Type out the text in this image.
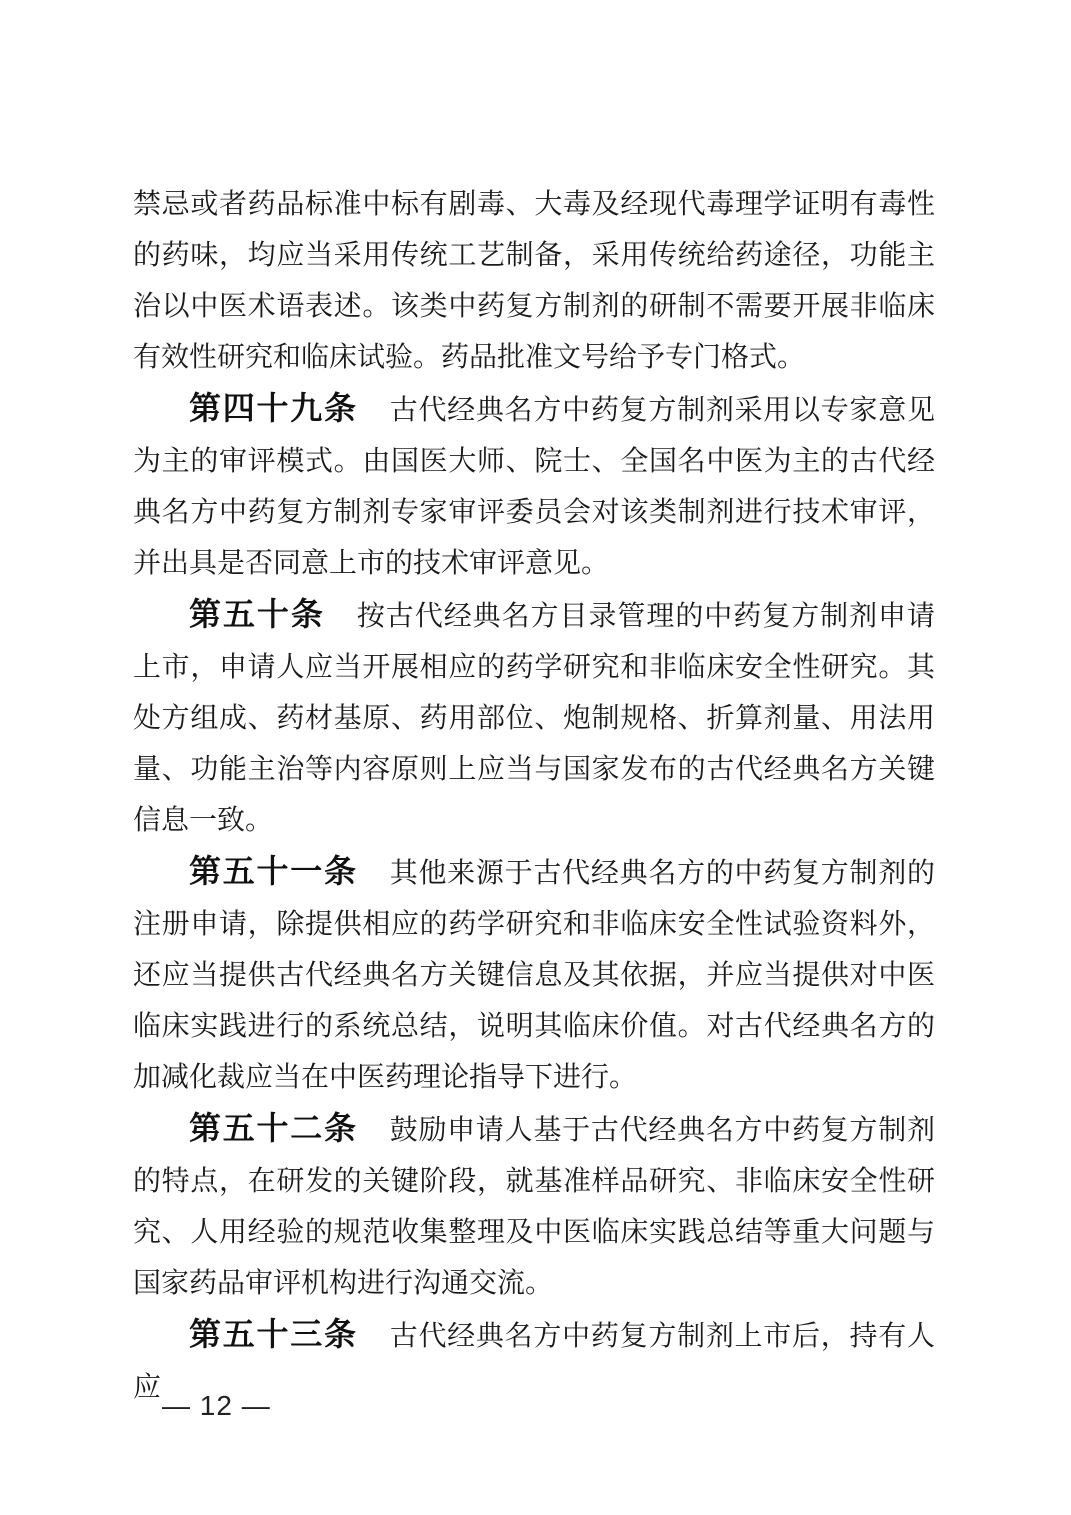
禁忌或者药品标准中标有剧毒、大毒及经现代毒理学证明有毒性的药味，均应当采用传统工艺制备，采用传统给药途径，功能主治以中医术语表述。该类中药复方制剂的研制不需要开展非临床有效性研究和临床试验。药品批准文号给予专门格式。

第四十九条 古代经典名方中药复方制剂采用以专家意见为主的审评模式。由国医大师、院士、全国名中医为主的古代经典名方中药复方制剂专家审评委员会对该类制剂进行技术审评，并出具是否同意上市的技术审评意见。

第五十条 按古代经典名方目录管理的中药复方制剂申请上市，申请人应当开展相应的药学研究和非临床安全性研究。其处方组成、药材基原、药用部位、炮制规格、折算剂量、用法用量、功能主治等内容原则上应当与国家发布的古代经典名方关键信息一致。

第五十一条 其他来源于古代经典名方的中药复方制剂的注册申请，除提供相应的药学研究和非临床安全性试验资料外，还应当提供古代经典名方关键信息及其依据，并应当提供对中医临床实践进行的系统总结，说明其临床价值。对古代经典名方的加减化裁应当在中医药理论指导下进行。

第五十二条 鼓励申请人基于古代经典名方中药复方制剂的特点，在研发的关键阶段，就基准样品研究、非临床安全性研究、人用经验的规范收集整理及中医临床实践总结等重大问题与国家药品审评机构进行沟通交流。

第五十三条 古代经典名方中药复方制剂上市后，持有人应

— 12 —
